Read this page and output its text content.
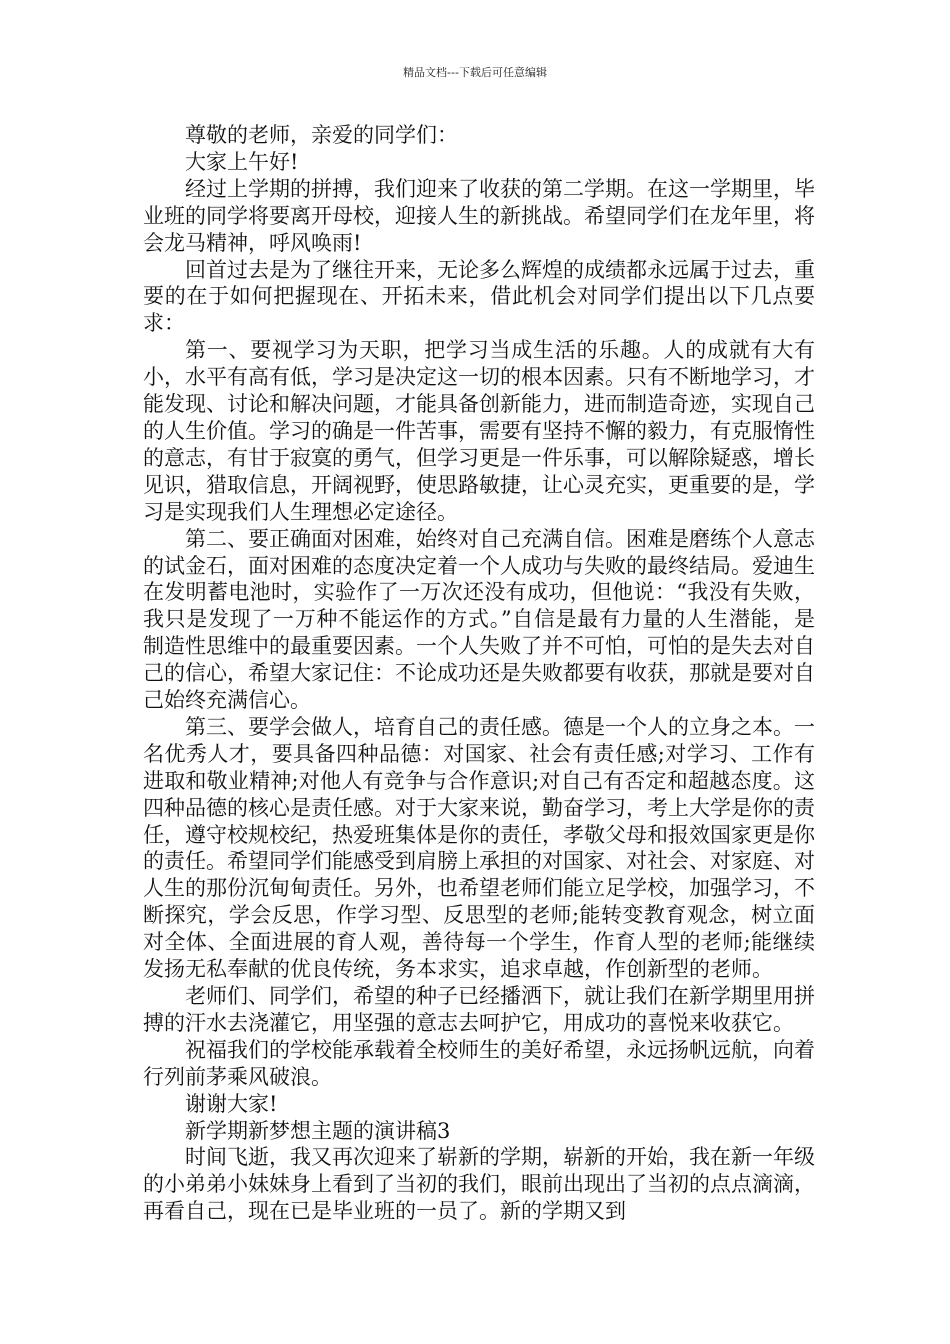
精品文档---下载后可任意编辑

尊敬的老师，亲爱的同学们：

大家上午好!

经过上学期的拼搏，我们迎来了收获的第二学期。在这一学期里，毕业班的同学将要离开母校，迎接人生的新挑战。希望同学们在龙年里，将会龙马精神，呼风唤雨!

回首过去是为了继往开来，无论多么辉煌的成绩都永远属于过去，重要的在于如何把握现在、开拓未来，借此机会对同学们提出以下几点要求：

第一、要视学习为天职，把学习当成生活的乐趣。人的成就有大有小，水平有高有低，学习是决定这一切的根本因素。只有不断地学习，才能发现、讨论和解决问题，才能具备创新能力，进而制造奇迹，实现自己的人生价值。学习的确是一件苦事，需要有坚持不懈的毅力，有克服惰性的意志，有甘于寂寞的勇气，但学习更是一件乐事，可以解除疑惑，增长见识，猎取信息，开阔视野，使思路敏捷，让心灵充实，更重要的是，学习是实现我们人生理想必定途径。

第二、要正确面对困难，始终对自己充满自信。困难是磨练个人意志的试金石，面对困难的态度决定着一个人成功与失败的最终结局。爱迪生在发明蓄电池时，实验作了一万次还没有成功，但他说：“我没有失败，我只是发现了一万种不能运作的方式。”自信是最有力量的人生潜能，是制造性思维中的最重要因素。一个人失败了并不可怕，可怕的是失去对自己的信心，希望大家记住：不论成功还是失败都要有收获，那就是要对自己始终充满信心。

第三、要学会做人，培育自己的责任感。德是一个人的立身之本。一名优秀人才，要具备四种品德：对国家、社会有责任感;对学习、工作有进取和敬业精神;对他人有竞争与合作意识;对自己有否定和超越态度。这四种品德的核心是责任感。对于大家来说，勤奋学习，考上大学是你的责任，遵守校规校纪，热爱班集体是你的责任，孝敬父母和报效国家更是你的责任。希望同学们能感受到肩膀上承担的对国家、对社会、对家庭、对人生的那份沉甸甸责任。另外，也希望老师们能立足学校，加强学习，不断探究，学会反思，作学习型、反思型的老师;能转变教育观念，树立面对全体、全面进展的育人观，善待每一个学生，作育人型的老师;能继续发扬无私奉献的优良传统，务本求实，追求卓越，作创新型的老师。

老师们、同学们，希望的种子已经播洒下，就让我们在新学期里用拼搏的汗水去浇灌它，用坚强的意志去呵护它，用成功的喜悦来收获它。

祝福我们的学校能承载着全校师生的美好希望，永远扬帆远航，向着行列前茅乘风破浪。

谢谢大家!

新学期新梦想主题的演讲稿3

时间飞逝，我又再次迎来了崭新的学期，崭新的开始，我在新一年级的小弟弟小妹妹身上看到了当初的我们，眼前出现出了当初的点点滴滴，再看自己，现在已是毕业班的一员了。新的学期又到
